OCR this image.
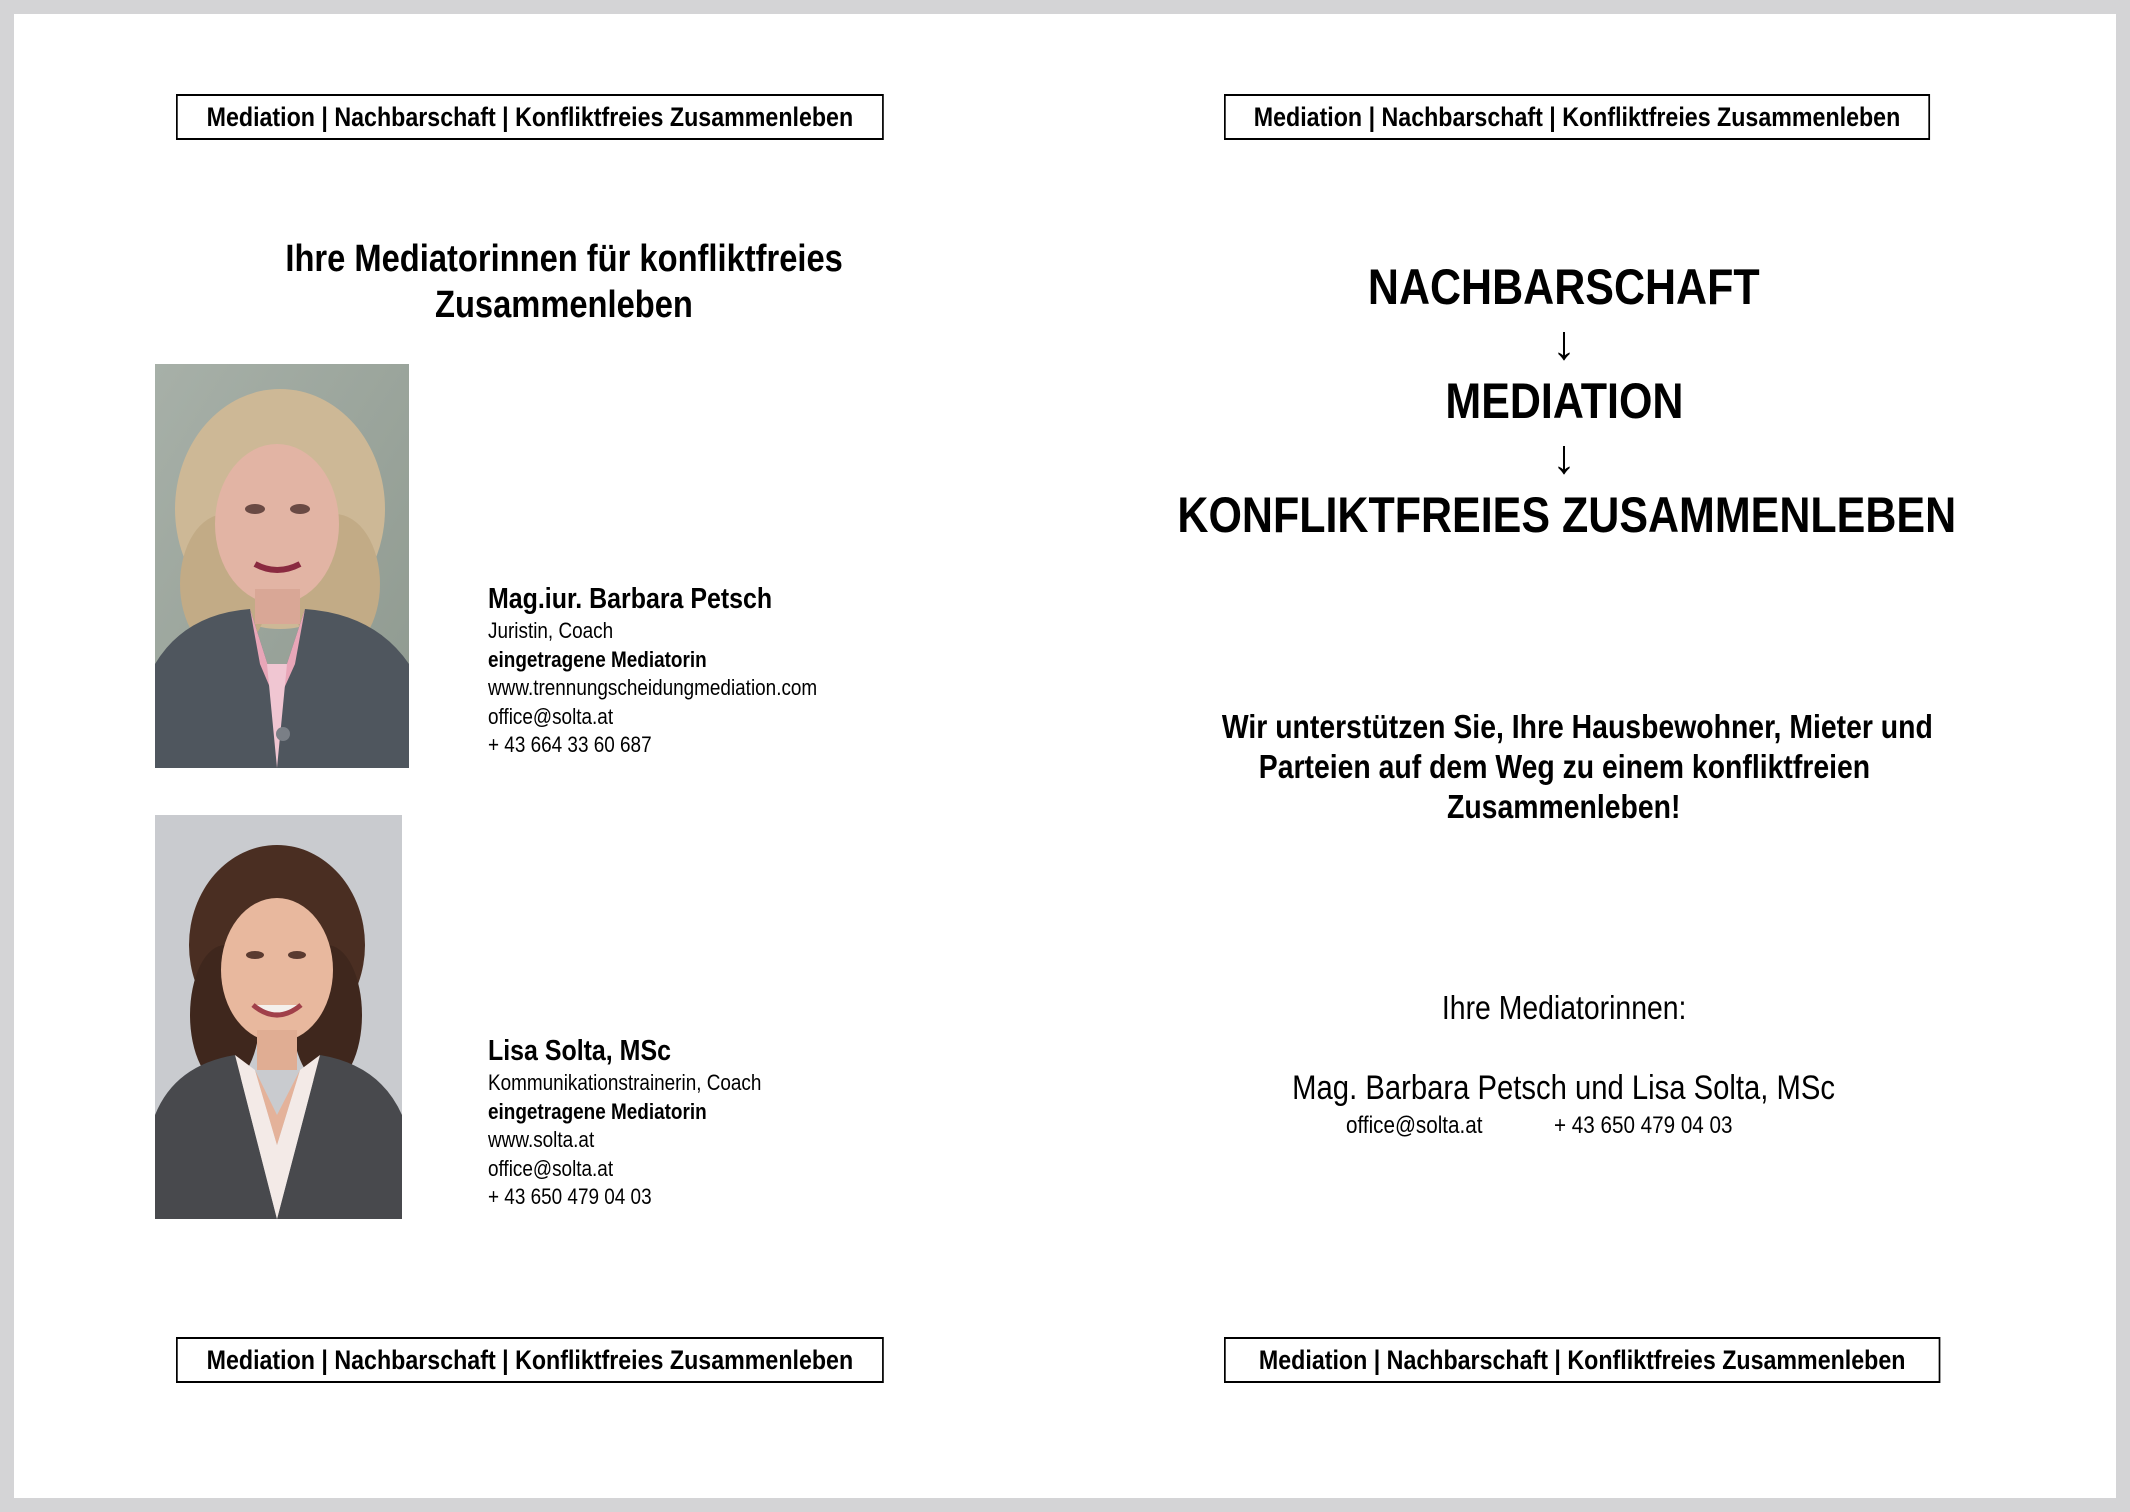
Mediation | Nachbarschaft | Konfliktfreies Zusammenleben	Mediation | Nachbarschaft | Konfliktfreies Zusammenleben
Mediation | Nachbarschaft | Konfliktfreies Zusammenleben	Mediation | Nachbarschaft | Konfliktfreies Zusammenleben
Ihre Mediatorinnen für konfliktfreies
Zusammenleben
Mag.iur. Barbara Petsch
Juristin, Coach
eingetragene Mediatorin
www.trennungscheidungmediation.com
office@solta.at
+ 43 664 33 60 687
Lisa Solta, MSc
Kommunikationstrainerin, Coach
eingetragene Mediatorin
www.solta.at
office@solta.at
+ 43 650 479 04 03
NACHBARSCHAFT
↓
MEDIATION
↓
KONFLIKTFREIES ZUSAMMENLEBEN
Wir unterstützen Sie, Ihre Hausbewohner, Mieter und
Parteien auf dem Weg zu einem konfliktfreien
Zusammenleben!
Ihre Mediatorinnen:
Mag. Barbara Petsch und Lisa Solta, MSc
office@solta.at	+ 43 650 479 04 03
